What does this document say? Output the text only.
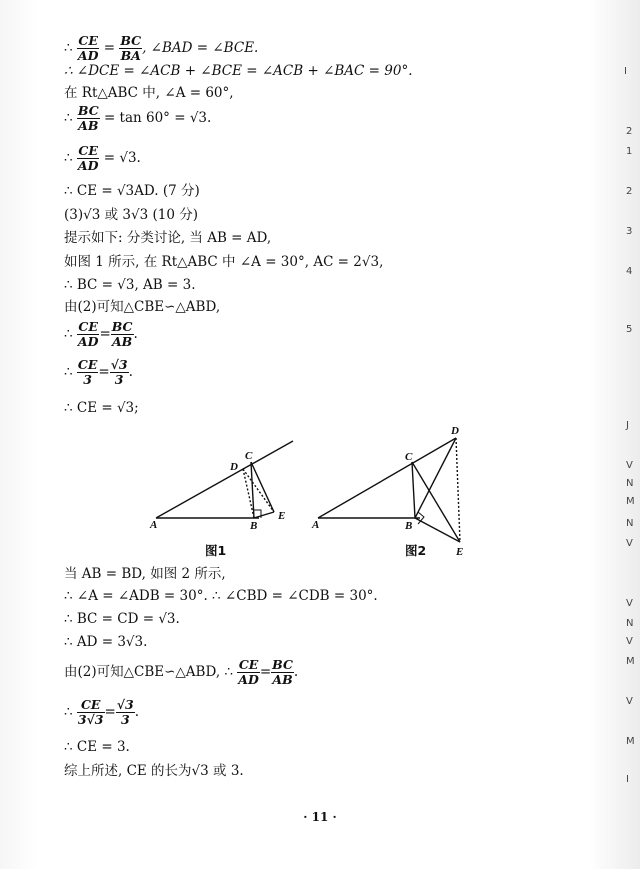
∴ $\frac{CE}{AD} = \frac{BC}{BA}$ , ∠BAD = ∠BCE.
∴ ∠DCE = ∠ACB + ∠BCE = ∠ACB + ∠BAC = 90°.
在 Rt△ABC 中, ∠A = 60°,
∴ $\frac{BC}{AB} = \tan 60^\circ = √3$.
∴ $\frac{CE}{AD} = √3$.
∴ CE = √3AD. (7 分)
(3)√3 或 3√3 (10 分)
提示如下: 分类讨论, 当 AB = AD,
如图 1 所示, 在 Rt△ABC 中 ∠A = 30°, AC = 2√3,
∴ BC = √3, AB = 3.
由(2)可知△CBE∽△ABD,
∴ $\frac{CE}{AD} = \frac{BC}{AB}$ .
∴ $\frac{CE}{3} = \frac{√3}{3}$ .
∴ CE = √3;
A	B
C
D
E
A	B
C
D
E
图1	图2
当 AB = BD, 如图 2 所示,
∴ ∠A = ∠ADB = 30°. ∴ ∠CBD = ∠CDB = 30°.
∴ BC = CD = √3.
∴ AD = 3√3.
由(2)可知△CBE∽△ABD, ∴ $\frac{CE}{AD} = \frac{BC}{AB}$ .
∴ $\frac{CE}{3√3} = \frac{√3}{3}$ .
∴ CE = 3.
综上所述, CE 的长为√3 或 3.
· 11 ·
I
2
1
2
3
4
5
J
V
N
M
N
V
V
N
V
M
V
M
I
